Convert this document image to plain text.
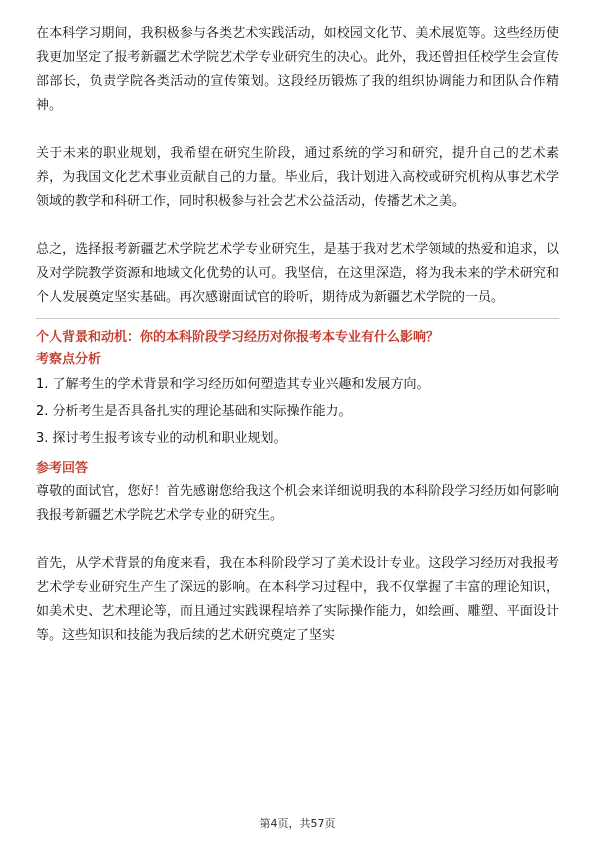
在本科学习期间，我积极参与各类艺术实践活动，如校园文化节、美术展览等。这些经历使我更加坚定了报考新疆艺术学院艺术学专业研究生的决心。此外，我还曾担任校学生会宣传部部长，负责学院各类活动的宣传策划。这段经历锻炼了我的组织协调能力和团队合作精神。

关于未来的职业规划，我希望在研究生阶段，通过系统的学习和研究，提升自己的艺术素养，为我国文化艺术事业贡献自己的力量。毕业后，我计划进入高校或研究机构从事艺术学领域的教学和科研工作，同时积极参与社会艺术公益活动，传播艺术之美。

总之，选择报考新疆艺术学院艺术学专业研究生，是基于我对艺术学领域的热爱和追求，以及对学院教学资源和地域文化优势的认可。我坚信，在这里深造，将为我未来的学术研究和个人发展奠定坚实基础。再次感谢面试官的聆听，期待成为新疆艺术学院的一员。

个人背景和动机：你的本科阶段学习经历对你报考本专业有什么影响？

考察点分析

1. 了解考生的学术背景和学习经历如何塑造其专业兴趣和发展方向。
2. 分析考生是否具备扎实的理论基础和实际操作能力。
3. 探讨考生报考该专业的动机和职业规划。

参考回答

尊敬的面试官，您好！首先感谢您给我这个机会来详细说明我的本科阶段学习经历如何影响我报考新疆艺术学院艺术学专业的研究生。

首先，从学术背景的角度来看，我在本科阶段学习了美术设计专业。这段学习经历对我报考艺术学专业研究生产生了深远的影响。在本科学习过程中，我不仅掌握了丰富的理论知识，如美术史、艺术理论等，而且通过实践课程培养了实际操作能力，如绘画、雕塑、平面设计等。这些知识和技能为我后续的艺术研究奠定了坚实

第4页，共57页
